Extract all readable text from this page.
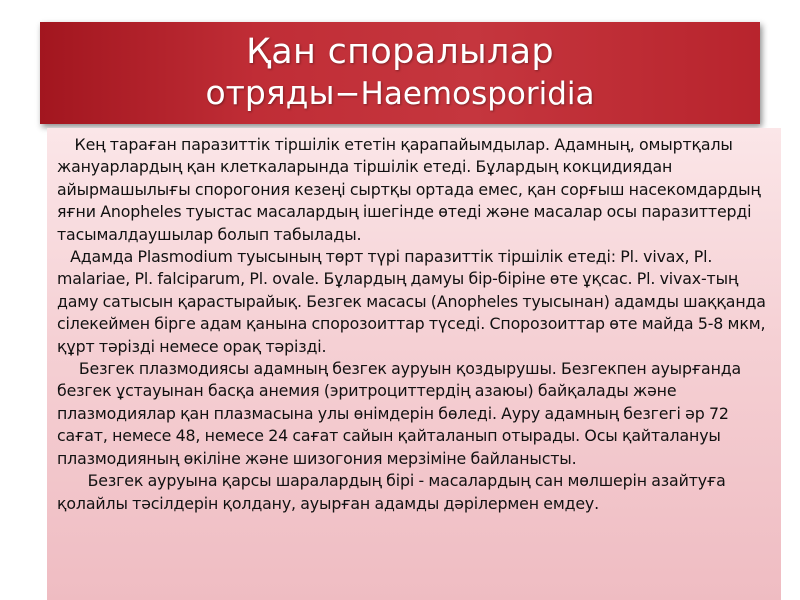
Қан споралылар
отряды−Haemosporidia

Кең тараған паразиттік тіршілік ететін қарапайымдылар. Адамның, омыртқалы жануарлардың қан клеткаларында тіршілік етеді. Бұлардың кокцидиядан айырмашылығы спорогония кезеңі сыртқы ортада емес, қан сорғыш насекомдардың яғни Anopheles туыстас масалардың ішегінде өтеді және масалар осы паразиттерді тасымалдаушылар болып табылады.

Адамда Plasmodium туысының төрт түрі паразиттік тіршілік етеді: Pl. vivax, Pl. malariae, Pl. falciparum, Pl. ovale. Бұлардың дамуы бір-біріне өте ұқсас. Pl. vivax-тың даму сатысын қарастырайық. Безгек масасы (Anopheles туысынан) адамды шаққанда сілекеймен бірге адам қанына спорозоиттар түседі. Спорозоиттар өте майда 5-8 мкм, құрт тәрізді немесе орақ тәрізді.

Безгек плазмодиясы адамның безгек ауруын қоздырушы. Безгекпен ауырғанда безгек ұстауынан басқа анемия (эритроциттердің азаюы) байқалады және плазмодиялар қан плазмасына улы өнімдерін бөледі. Ауру адамның безгегі әр 72 сағат, немесе 48, немесе 24 сағат сайын қайталанып отырады. Осы қайталануы плазмодияның өкіліне және шизогония мерзіміне байланысты.

Безгек ауруына қарсы шаралардың бірі - масалардың сан мөлшерін азайтуға қолайлы тәсілдерін қолдану, ауырған адамды дәрілермен емдеу.
